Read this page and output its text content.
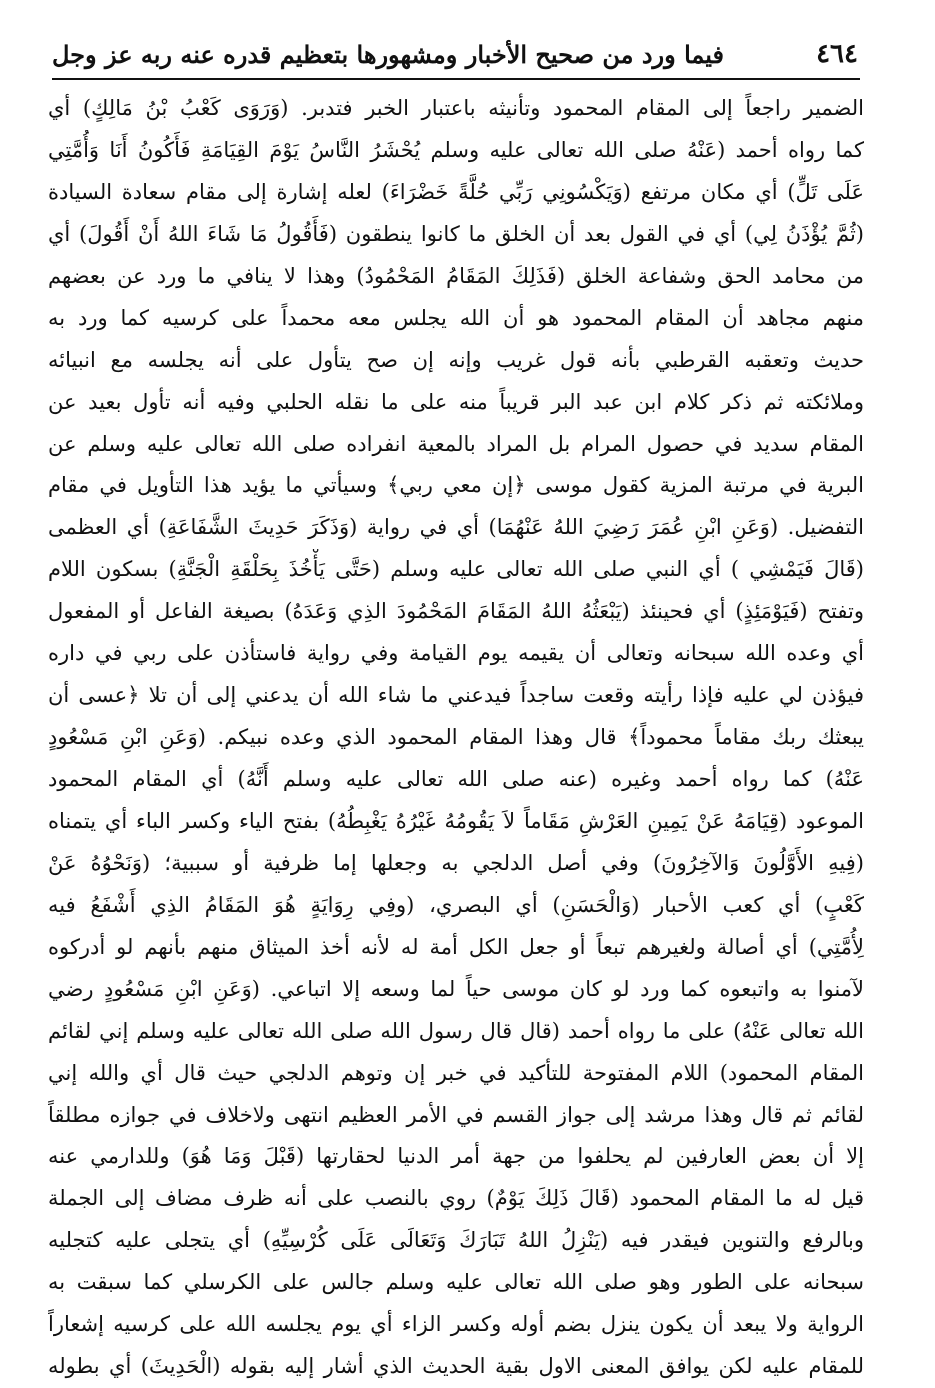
٤٦٤
فيما ورد من صحيح الأخبار ومشهورها بتعظيم قدره عنه ربه عز وجل
الضمير راجعاً إلى المقام المحمود وتأنيثه باعتبار الخبر فتدبر. (وَرَوَى كَعْبُ بْنُ مَالِكٍ) أي
كما رواه أحمد (عَنْهُ صلى الله تعالى عليه وسلم يُحْشَرُ النَّاسُ يَوْمَ القِيَامَةِ فَأَكُونُ أَنَا وَأُمَّتِي
عَلَى تَلٍّ) أي مكان مرتفع (وَيَكْسُونِي رَبِّي حُلَّةً خَضْرَاءَ) لعله إشارة إلى مقام سعادة السيادة
(ثُمَّ يُؤْذَنُ لِي) أي في القول بعد أن الخلق ما كانوا ينطقون (فَأَقُولُ مَا شَاءَ اللهُ أَنْ أَقُولَ) أي
من محامد الحق وشفاعة الخلق (فَذَلِكَ المَقَامُ المَحْمُودُ) وهذا لا ينافي ما ورد عن بعضهم
منهم مجاهد أن المقام المحمود هو أن الله يجلس معه محمداً على كرسيه كما ورد به
حديث وتعقبه القرطبي بأنه قول غريب وإنه إن صح يتأول على أنه يجلسه مع انبيائه
وملائكته ثم ذكر كلام ابن عبد البر قريباً منه على ما نقله الحلبي وفيه أنه تأول بعيد عن
المقام سديد في حصول المرام بل المراد بالمعية انفراده صلى الله تعالى عليه وسلم عن
البرية في مرتبة المزية كقول موسى ﴿إن معي ربي﴾ وسيأتي ما يؤيد هذا التأويل في مقام
التفضيل. (وَعَنِ ابْنِ عُمَرَ رَضِيَ اللهُ عَنْهُمَا) أي في رواية (وَذَكَرَ حَدِيثَ الشَّفَاعَةِ) أي العظمى
(قَالَ فَيَمْشِي ) أي النبي صلى الله تعالى عليه وسلم (حَتَّى يَأْخُذَ بِحَلْقَةِ الْجَنَّةِ) بسكون اللام
وتفتح (فَيَوْمَئِذٍ) أي فحينئذ (يَبْعَثُهُ اللهُ المَقَامَ المَحْمُودَ الذِي وَعَدَهُ) بصيغة الفاعل أو المفعول
أي وعده الله سبحانه وتعالى أن يقيمه يوم القيامة وفي رواية فاستأذن على ربي في داره
فيؤذن لي عليه فإذا رأيته وقعت ساجداً فيدعني ما شاء الله أن يدعني إلى أن تلا ﴿عسى أن
يبعثك ربك مقاماً محموداً﴾ قال وهذا المقام المحمود الذي وعده نبيكم. (وَعَنِ ابْنِ مَسْعُودٍ
عَنْهُ) كما رواه أحمد وغيره (عنه صلى الله تعالى عليه وسلم أَنَّهُ) أي المقام المحمود
الموعود (قِيَامَهُ عَنْ يَمِينِ العَرْشِ مَقَاماً لاَ يَقُومُهُ غَيْرُهُ يَغْبِطُهُ) بفتح الياء وكسر الباء أي يتمناه
(فِيهِ الأَوَّلُونَ وَالآخِرُونَ) وفي أصل الدلجي به وجعلها إما ظرفية أو سببية؛ (وَنَحْوُهُ عَنْ
كَعْبٍ) أي كعب الأحبار (وَالْحَسَنِ) أي البصري، (وفِي رِوَايَةٍ هُوَ المَقَامُ الذِي أَشْفَعُ فيه
لِأُمَّتِي) أي أصالة ولغيرهم تبعاً أو جعل الكل أمة له لأنه أخذ الميثاق منهم بأنهم لو أدركوه
لآمنوا به واتبعوه كما ورد لو كان موسى حياً لما وسعه إلا اتباعي. (وَعَنِ ابْنِ مَسْعُودٍ رضي
الله تعالى عَنْهُ) على ما رواه أحمد (قال قال رسول الله صلى الله تعالى عليه وسلم إني لقائم
المقام المحمود) اللام المفتوحة للتأكيد في خبر إن وتوهم الدلجي حيث قال أي والله إني
لقائم ثم قال وهذا مرشد إلى جواز القسم في الأمر العظيم انتهى ولاخلاف في جوازه مطلقاً
إلا أن بعض العارفين لم يحلفوا من جهة أمر الدنيا لحقارتها (قَبْلَ وَمَا هُوَ) وللدارمي عنه
قيل له ما المقام المحمود (قَالَ ذَلِكَ يَوْمٌ) روي بالنصب على أنه ظرف مضاف إلى الجملة
وبالرفع والتنوين فيقدر فيه (يَنْزِلُ اللهُ تَبَارَكَ وَتَعَالَى عَلَى كُرْسِيِّهِ) أي يتجلى عليه كتجليه
سبحانه على الطور وهو صلى الله تعالى عليه وسلم جالس على الكرسلي كما سبقت به
الرواية ولا يبعد أن يكون ينزل بضم أوله وكسر الزاء أي يوم يجلسه الله على كرسيه إشعاراً
للمقام عليه لكن يوافق المعنى الاول بقية الحديث الذي أشار إليه بقوله (الْحَدِيثَ) أي بطوله
